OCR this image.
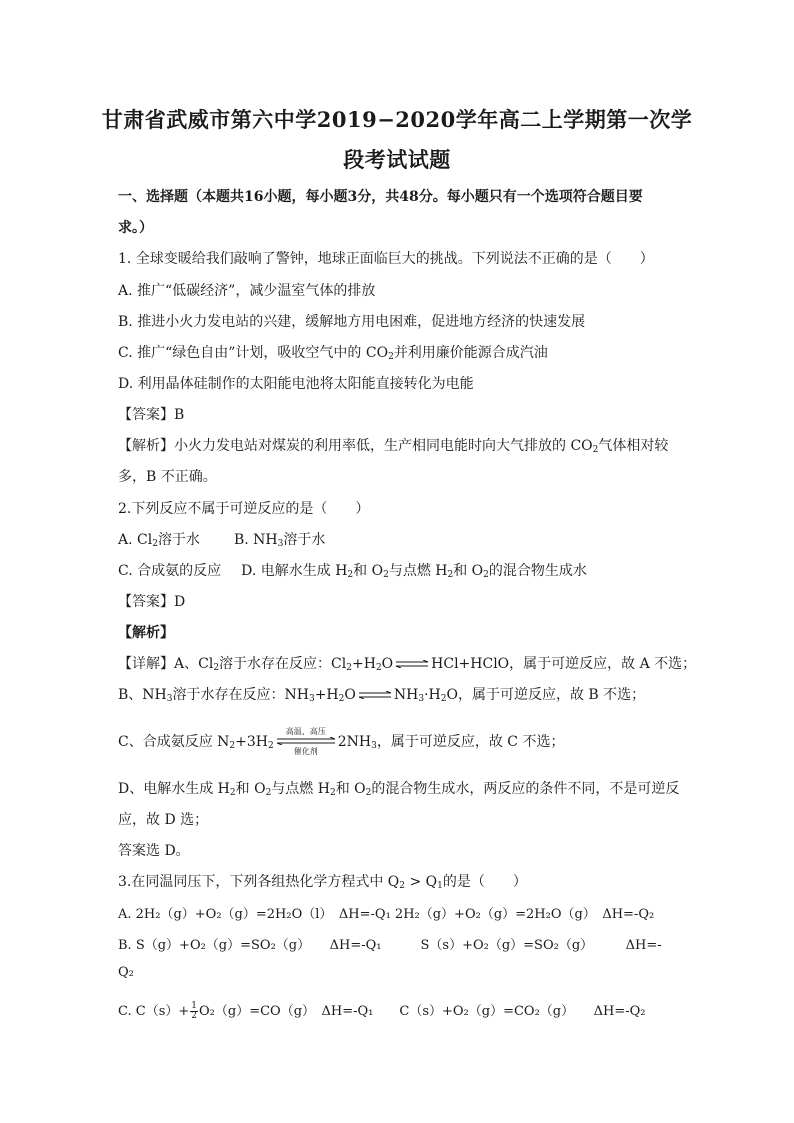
甘肃省武威市第六中学2019−2020学年高二上学期第一次学
段考试试题
一、选择题（本题共16小题，每小题3分，共48分。每小题只有一个选项符合题目要
求。）
1. 全球变暖给我们敲响了警钟，地球正面临巨大的挑战。下列说法不正确的是（　　）
A. 推广“低碳经济”，减少温室气体的排放
B. 推进小火力发电站的兴建，缓解地方用电困难，促进地方经济的快速发展
C. 推广“绿色自由”计划，吸收空气中的 $CO_2$并利用廉价能源合成汽油
D. 利用晶体硅制作的太阳能电池将太阳能直接转化为电能
【答案】B
【解析】小火力发电站对煤炭的利用率低，生产相同电能时向大气排放的 $CO_2$气体相对较
多，B 不正确。
2.下列反应不属于可逆反应的是（　　）
A. $Cl_2$溶于水 B. $NH_3$溶于水
C. 合成氨的反应 D. 电解水生成 $H_2$和 $O_2$与点燃 $H_2$和 $O_2$的混合物生成水
【答案】D
【解析】
【详解】A、$Cl_2$溶于水存在反应：$Cl_2+H_2O$ ⇌ HCl+HClO，属于可逆反应，故 A 不选；
B、$NH_3$溶于水存在反应：$NH_3+H_2O$ ⇌ $NH_3\cdot H_2O$，属于可逆反应，故 B 不选；
C、合成氨反应 $N_2+3H_2$
高温、高压
催化剂
$2NH_3$，属于可逆反应，故 C 不选；
D、电解水生成 $H_2$和 $O_2$与点燃 $H_2$和 $O_2$的混合物生成水，两反应的条件不同，不是可逆反
应，故 D 选；
答案选 D。
3.在同温同压下，下列各组热化学方程式中 $Q_2 > Q_1$的是（　　）
A. 2H₂（g）+O₂（g）=2H₂O（l）　ΔH=-Q₁ 2H₂（g）+O₂（g）=2H₂O（g）　ΔH=-Q₂
B. S（g）+O₂（g）=SO₂（g）　　ΔH=-Q₁　　　S（s）+O₂（g）=SO₂（g）　　　ΔH=-
Q₂
C. $C(s)+ \frac{1}{2} O_2(g)=CO(g)$　ΔH=-Q₁　　C（s）+O₂（g）=CO₂（g）　　ΔH=-Q₂
